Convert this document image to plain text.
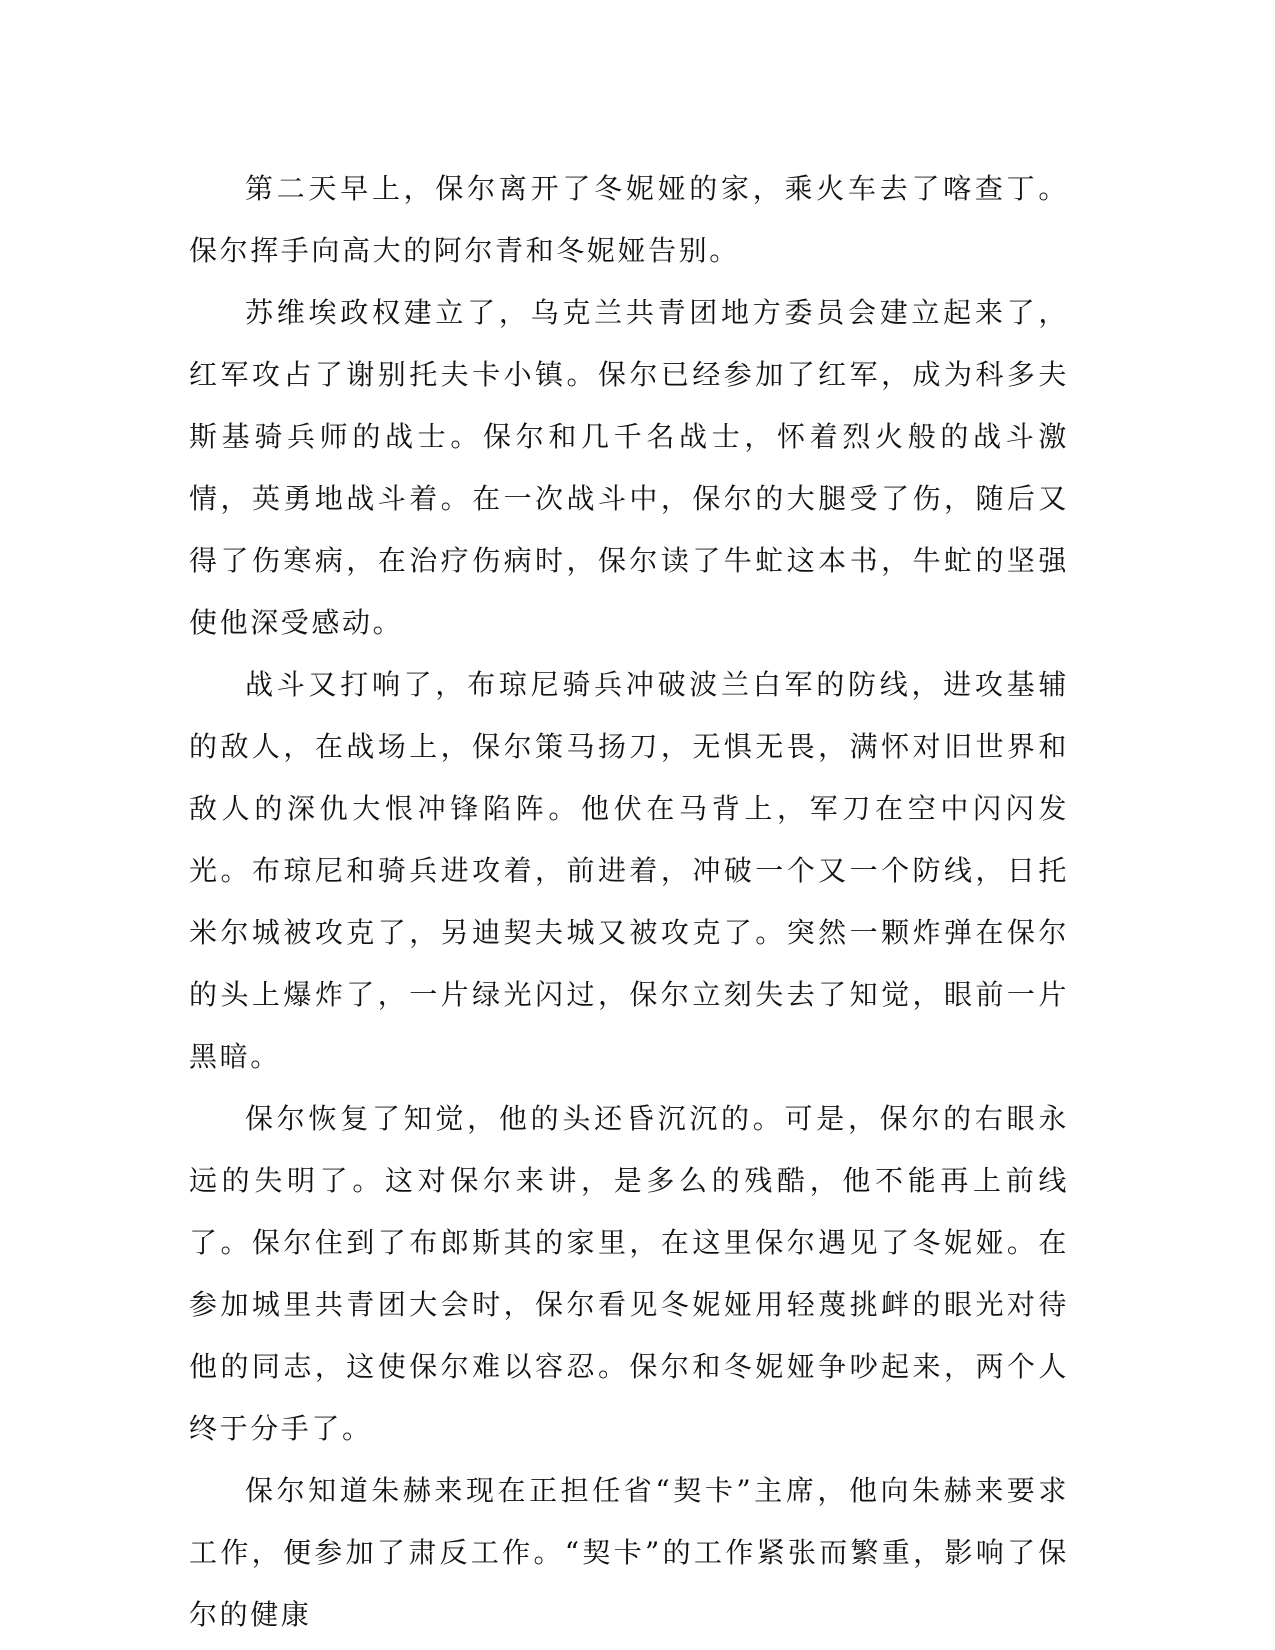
第二天早上，保尔离开了冬妮娅的家，乘火车去了喀查丁。保尔挥手向高大的阿尔青和冬妮娅告别。

苏维埃政权建立了，乌克兰共青团地方委员会建立起来了，红军攻占了谢别托夫卡小镇。保尔已经参加了红军，成为科多夫斯基骑兵师的战士。保尔和几千名战士，怀着烈火般的战斗激情，英勇地战斗着。在一次战斗中，保尔的大腿受了伤，随后又得了伤寒病，在治疗伤病时，保尔读了牛虻这本书，牛虻的坚强使他深受感动。

战斗又打响了，布琼尼骑兵冲破波兰白军的防线，进攻基辅的敌人，在战场上，保尔策马扬刀，无惧无畏，满怀对旧世界和敌人的深仇大恨冲锋陷阵。他伏在马背上，军刀在空中闪闪发光。布琼尼和骑兵进攻着，前进着，冲破一个又一个防线，日托米尔城被攻克了，另迪契夫城又被攻克了。突然一颗炸弹在保尔的头上爆炸了，一片绿光闪过，保尔立刻失去了知觉，眼前一片黑暗。

保尔恢复了知觉，他的头还昏沉沉的。可是，保尔的右眼永远的失明了。这对保尔来讲，是多么的残酷，他不能再上前线了。保尔住到了布郎斯其的家里，在这里保尔遇见了冬妮娅。在参加城里共青团大会时，保尔看见冬妮娅用轻蔑挑衅的眼光对待他的同志，这使保尔难以容忍。保尔和冬妮娅争吵起来，两个人终于分手了。

保尔知道朱赫来现在正担任省“契卡”主席，他向朱赫来要求工作，便参加了肃反工作。“契卡”的工作紧张而繁重，影响了保尔的健康
